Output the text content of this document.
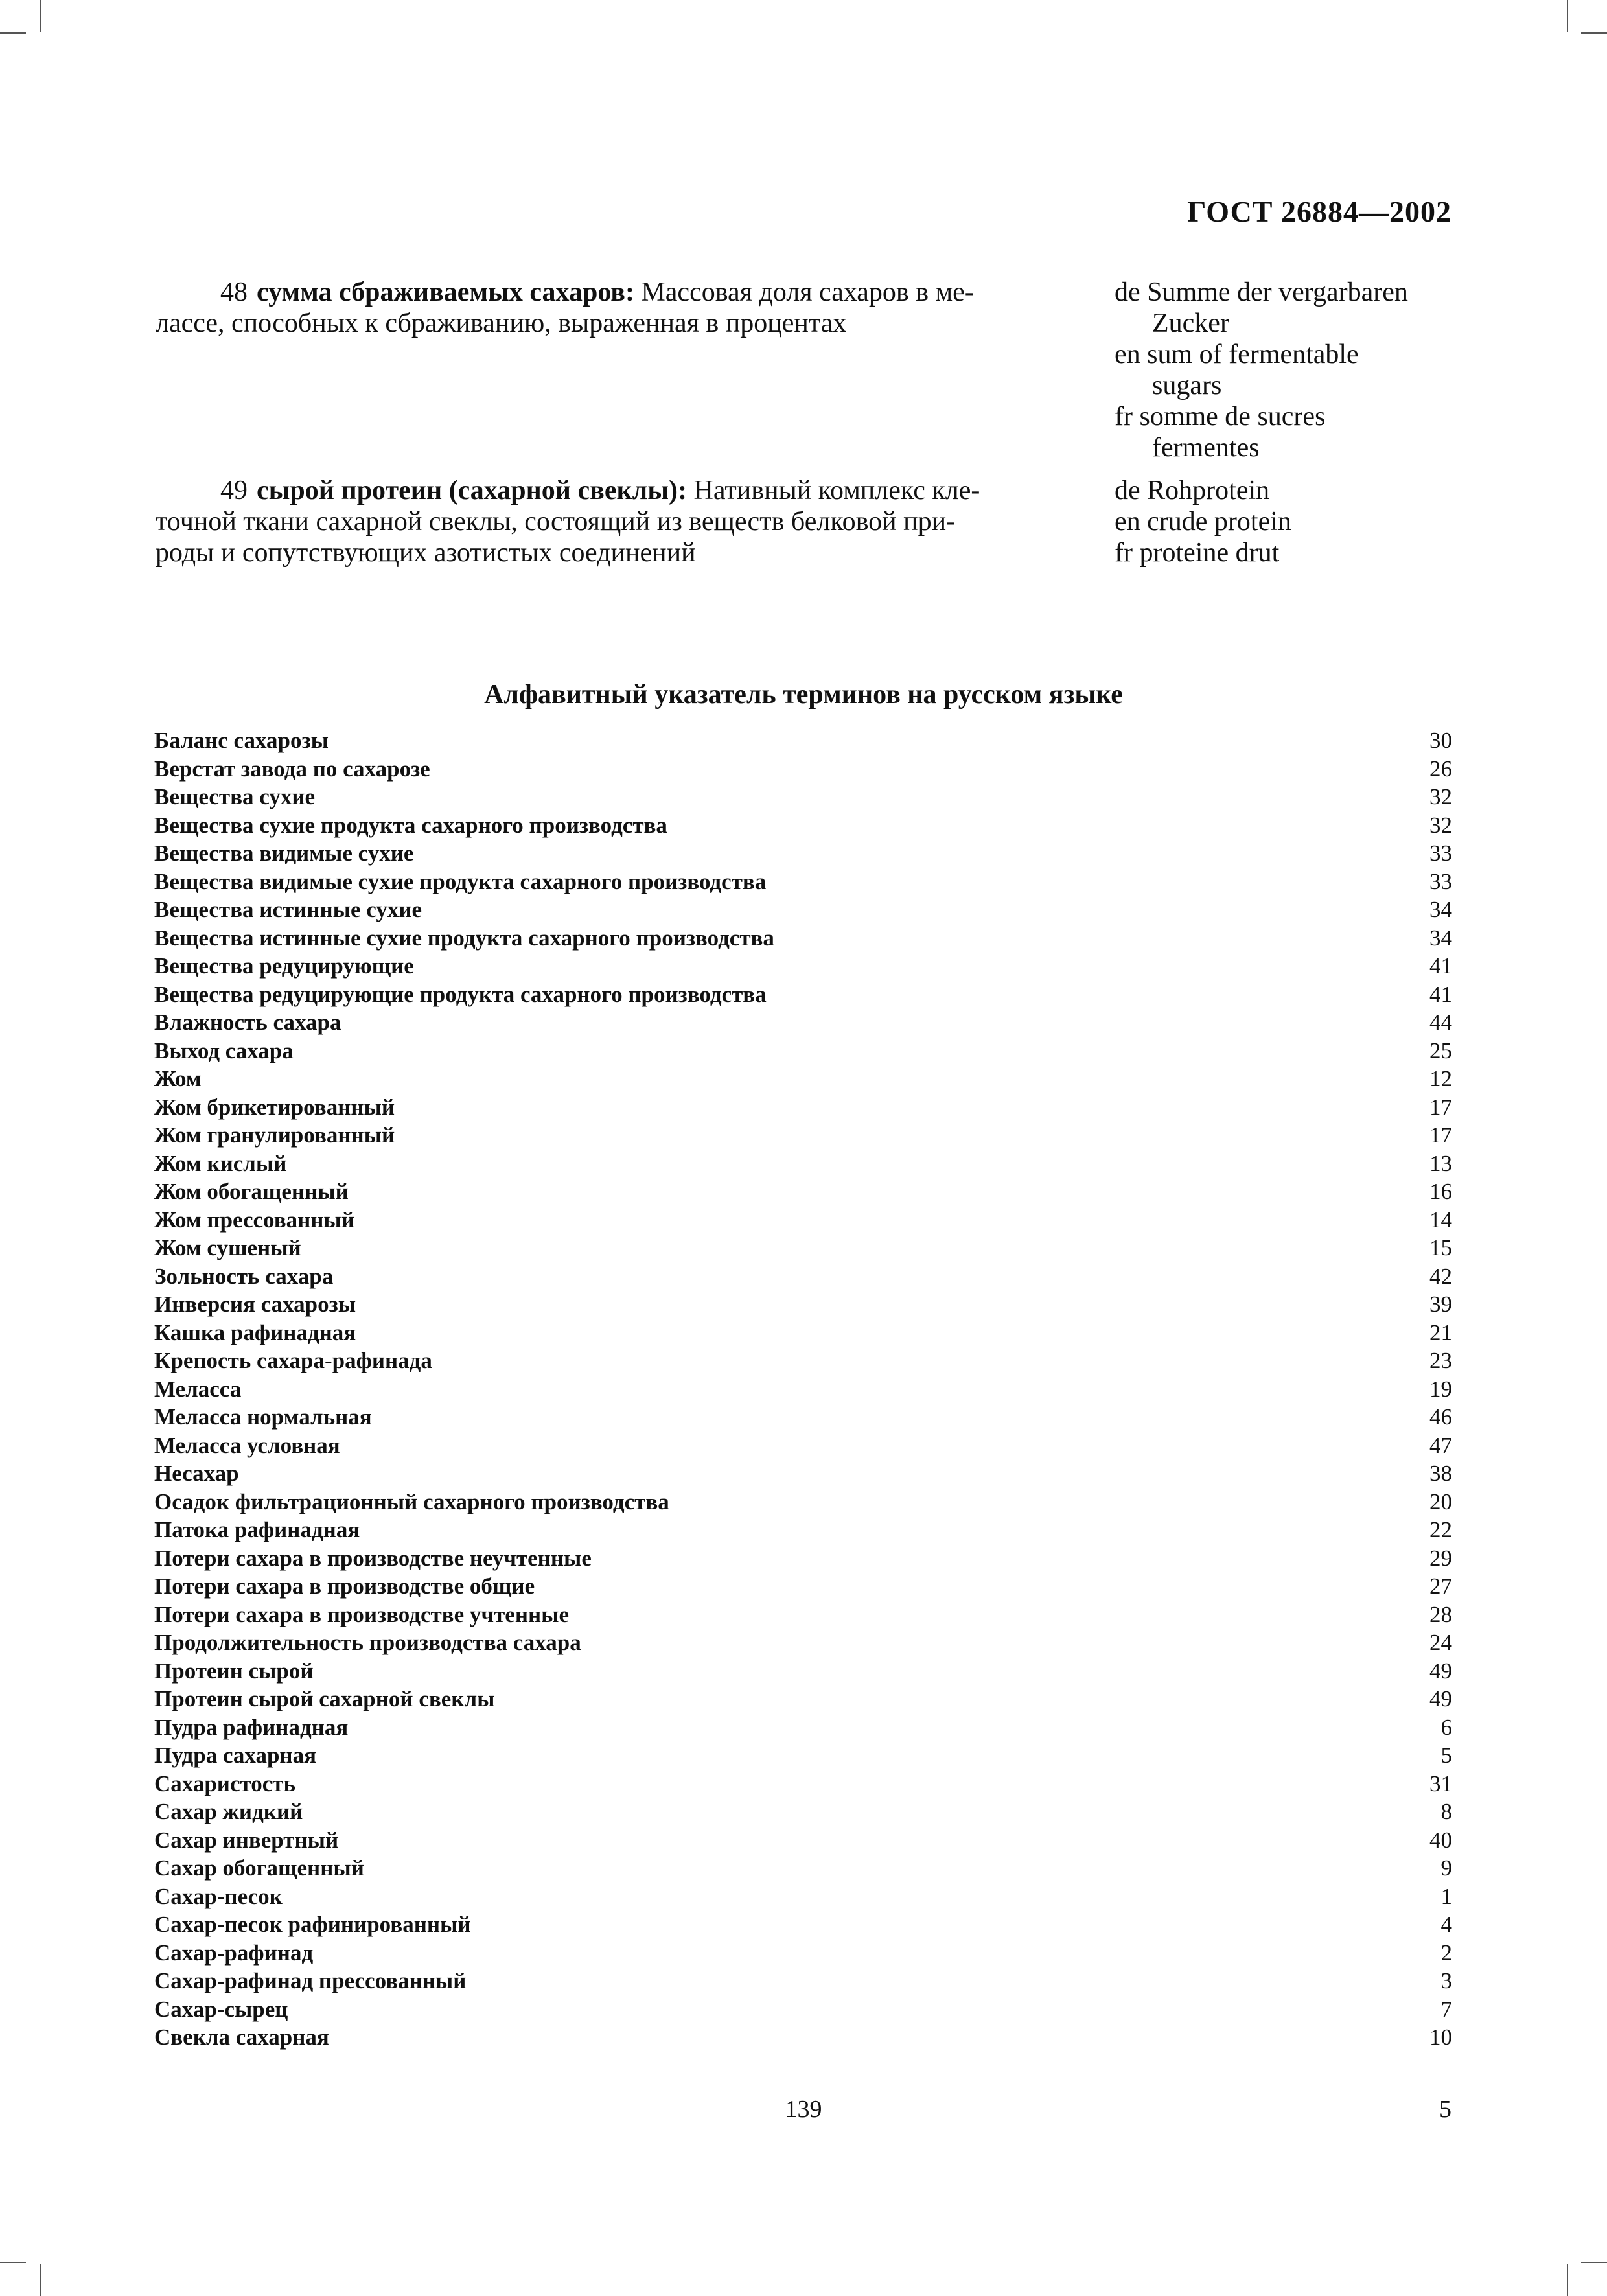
ГОСТ 26884—2002
48 сумма сбраживаемых сахаров: Массовая доля сахаров в ме-
лассе, способных к сбраживанию, выраженная в процентах
de Summe der vergarbaren
Zucker
en sum of fermentable
sugars
fr somme de sucres
fermentes
49 сырой протеин (сахарной свеклы): Нативный комплекс кле-
точной ткани сахарной свеклы, состоящий из веществ белковой при-
роды и сопутствующих азотистых соединений
de Rohprotein
en crude protein
fr proteine drut
Алфавитный указатель терминов на русском языке
Баланс сахарозы	30
Верстат завода по сахарозе	26
Вещества сухие	32
Вещества сухие продукта сахарного производства	32
Вещества видимые сухие	33
Вещества видимые сухие продукта сахарного производства	33
Вещества истинные сухие	34
Вещества истинные сухие продукта сахарного производства	34
Вещества редуцирующие	41
Вещества редуцирующие продукта сахарного производства	41
Влажность сахара	44
Выход сахара	25
Жом	12
Жом брикетированный	17
Жом гранулированный	17
Жом кислый	13
Жом обогащенный	16
Жом прессованный	14
Жом сушеный	15
Зольность сахара	42
Инверсия сахарозы	39
Кашка рафинадная	21
Крепость сахара-рафинада	23
Меласса	19
Меласса нормальная	46
Меласса условная	47
Несахар	38
Осадок фильтрационный сахарного производства	20
Патока рафинадная	22
Потери сахара в производстве неучтенные	29
Потери сахара в производстве общие	27
Потери сахара в производстве учтенные	28
Продолжительность производства сахара	24
Протеин сырой	49
Протеин сырой сахарной свеклы	49
Пудра рафинадная	6
Пудра сахарная	5
Сахаристость	31
Сахар жидкий	8
Сахар инвертный	40
Сахар обогащенный	9
Сахар-песок	1
Сахар-песок рафинированный	4
Сахар-рафинад	2
Сахар-рафинад прессованный	3
Сахар-сырец	7
Свекла сахарная	10
139	5
